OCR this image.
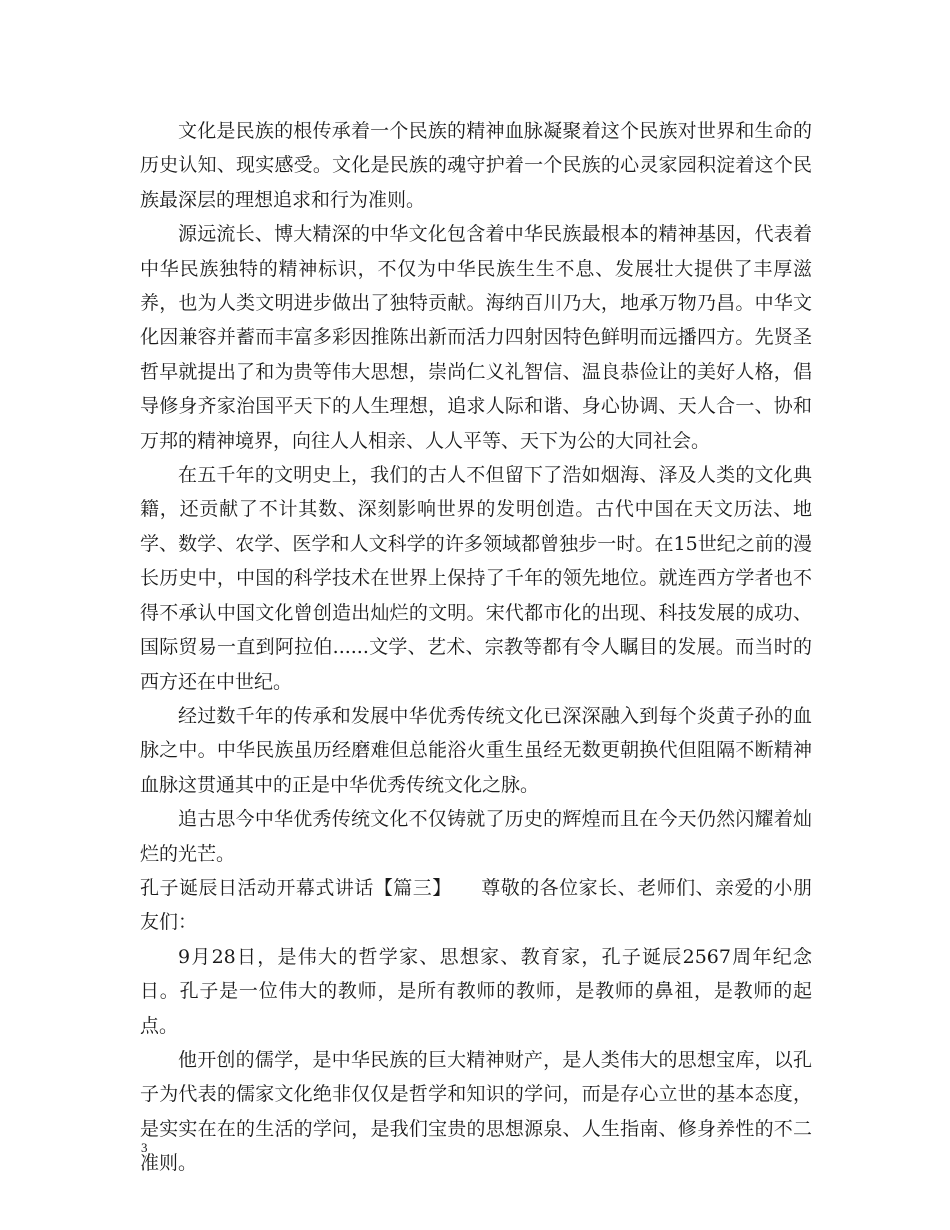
文化是民族的根传承着一个民族的精神血脉凝聚着这个民族对世界和生命的历史认知、现实感受。文化是民族的魂守护着一个民族的心灵家园积淀着这个民族最深层的理想追求和行为准则。

源远流长、博大精深的中华文化包含着中华民族最根本的精神基因，代表着中华民族独特的精神标识，不仅为中华民族生生不息、发展壮大提供了丰厚滋养，也为人类文明进步做出了独特贡献。海纳百川乃大，地承万物乃昌。中华文化因兼容并蓄而丰富多彩因推陈出新而活力四射因特色鲜明而远播四方。先贤圣哲早就提出了和为贵等伟大思想，崇尚仁义礼智信、温良恭俭让的美好人格，倡导修身齐家治国平天下的人生理想，追求人际和谐、身心协调、天人合一、协和万邦的精神境界，向往人人相亲、人人平等、天下为公的大同社会。

在五千年的文明史上，我们的古人不但留下了浩如烟海、泽及人类的文化典籍，还贡献了不计其数、深刻影响世界的发明创造。古代中国在天文历法、地学、数学、农学、医学和人文科学的许多领域都曾独步一时。在15世纪之前的漫长历史中，中国的科学技术在世界上保持了千年的领先地位。就连西方学者也不得不承认中国文化曾创造出灿烂的文明。宋代都市化的出现、科技发展的成功、国际贸易一直到阿拉伯......文学、艺术、宗教等都有令人瞩目的发展。而当时的西方还在中世纪。

经过数千年的传承和发展中华优秀传统文化已深深融入到每个炎黄子孙的血脉之中。中华民族虽历经磨难但总能浴火重生虽经无数更朝换代但阻隔不断精神血脉这贯通其中的正是中华优秀传统文化之脉。

追古思今中华优秀传统文化不仅铸就了历史的辉煌而且在今天仍然闪耀着灿烂的光芒。

孔子诞辰日活动开幕式讲话【篇三】　　尊敬的各位家长、老师们、亲爱的小朋友们：

9月28日，是伟大的哲学家、思想家、教育家，孔子诞辰2567周年纪念日。孔子是一位伟大的教师，是所有教师的教师，是教师的鼻祖，是教师的起点。

他开创的儒学，是中华民族的巨大精神财产，是人类伟大的思想宝库，以孔子为代表的儒家文化绝非仅仅是哲学和知识的学问，而是存心立世的基本态度，是实实在在的生活的学问，是我们宝贵的思想源泉、人生指南、修身养性的不二准则。

3
